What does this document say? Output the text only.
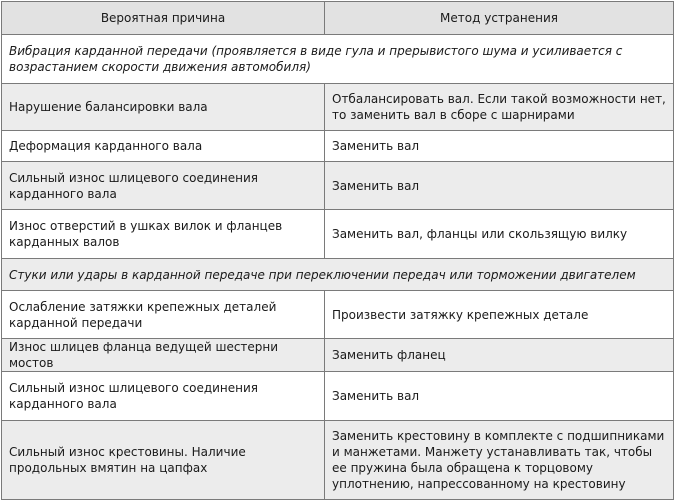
Вероятная причина	Метод устранения
Вибрация карданной передачи (проявляется в виде гула и прерывистого шума и усиливается с возрастанием скорости движения автомобиля)	
Нарушение балансировки вала	Отбалансировать вал. Если такой возможности нет, то заменить вал в сборе с шарнирами
Деформация карданного вала	Заменить вал
Сильный износ шлицевого соединения карданного вала	Заменить вал
Износ отверстий в ушках вилок и фланцев карданных валов	Заменить вал, фланцы или скользящую вилку
Стуки или удары в карданной передаче при переключении передач или торможении двигателем	
Ослабление затяжки крепежных деталей карданной передачи	Произвести затяжку крепежных детале
Износ шлицев фланца ведущей шестерни мостов	Заменить фланец
Сильный износ шлицевого соединения карданного вала	Заменить вал
Сильный износ крестовины. Наличие продольных вмятин на цапфах	Заменить крестовину в комплекте с подшипниками и манжетами. Манжету устанавливать так, чтобы ее пружина была обращена к торцовому уплотнению, напрессованному на крестовину
